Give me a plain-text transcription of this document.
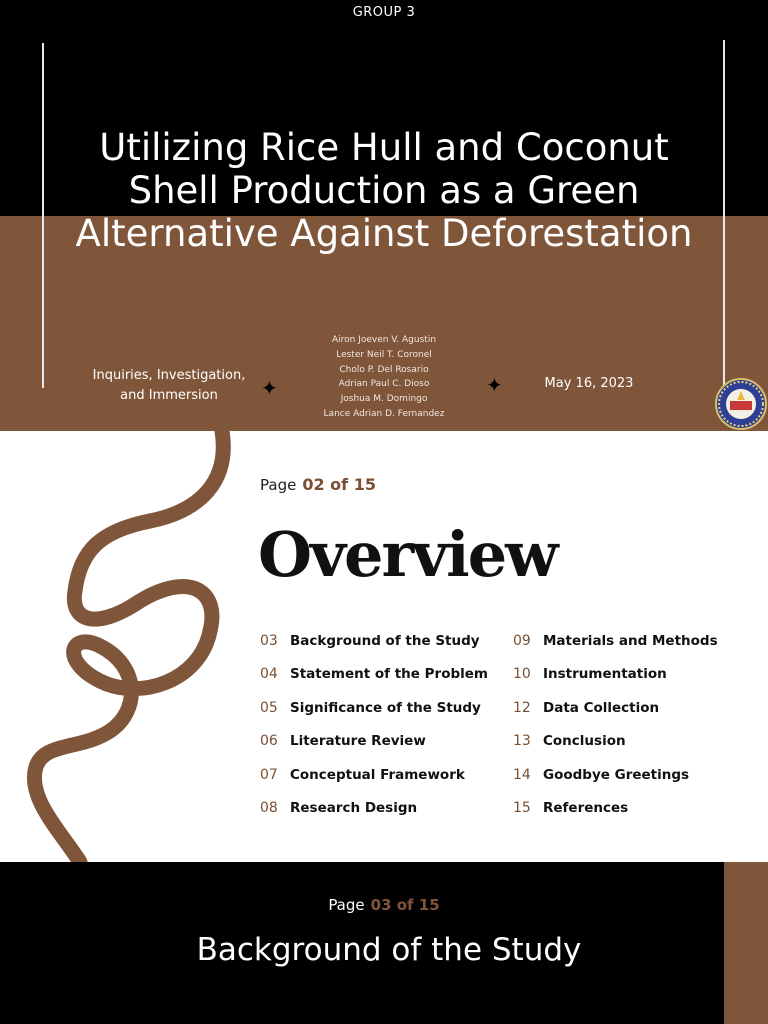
GROUP 3
Utilizing Rice Hull and Coconut Shell Production as a Green Alternative Against Deforestation
Inquiries, Investigation,
and Immersion	✦	✦
Airon Joeven V. Agustin
Lester Neil T. Coronel
Cholo P. Del Rosario
Adrian Paul C. Dioso
Joshua M. Domingo
Lance Adrian D. Fernandez
May 16, 2023
Page 02 of 15
Overview
03 Background of the Study
04 Statement of the Problem
05 Significance of the Study
06 Literature Review
07 Conceptual Framework
08 Research Design
09 Materials and Methods
10 Instrumentation
12 Data Collection
13 Conclusion
14 Goodbye Greetings
15 References
Page 03 of 15
Background of the Study
